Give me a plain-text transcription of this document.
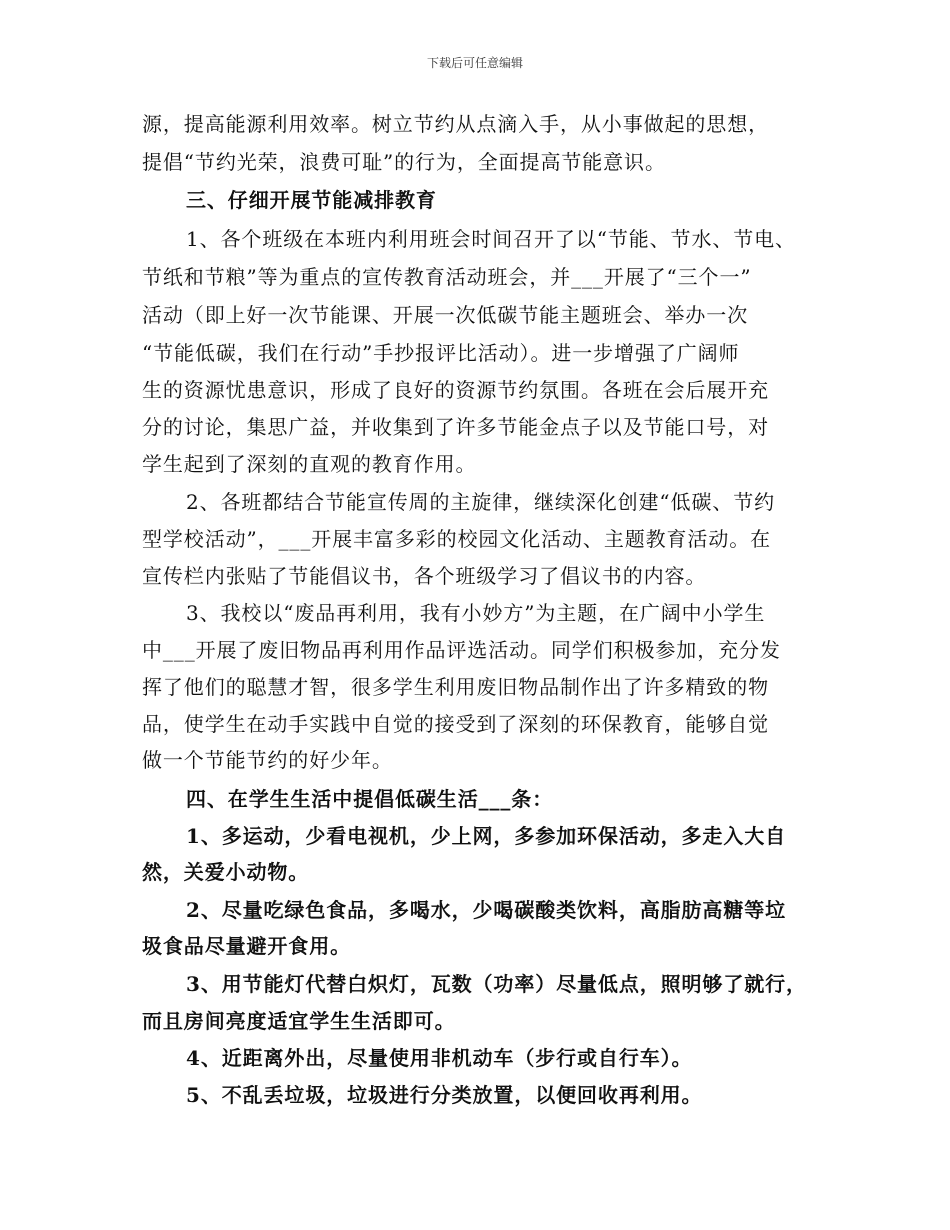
下载后可任意编辑

源，提高能源利用效率。树立节约从点滴入手，从小事做起的思想，

提倡“节约光荣，浪费可耻”的行为，全面提高节能意识。

三、仔细开展节能减排教育

1、各个班级在本班内利用班会时间召开了以“节能、节水、节电、

节纸和节粮”等为重点的宣传教育活动班会，并___开展了“三个一”

活动（即上好一次节能课、开展一次低碳节能主题班会、举办一次

“节能低碳，我们在行动”手抄报评比活动）。进一步增强了广阔师

生的资源忧患意识，形成了良好的资源节约氛围。各班在会后展开充

分的讨论，集思广益，并收集到了许多节能金点子以及节能口号，对

学生起到了深刻的直观的教育作用。

2、各班都结合节能宣传周的主旋律，继续深化创建“低碳、节约

型学校活动”，___开展丰富多彩的校园文化活动、主题教育活动。在

宣传栏内张贴了节能倡议书，各个班级学习了倡议书的内容。

3、我校以“废品再利用，我有小妙方”为主题，在广阔中小学生

中___开展了废旧物品再利用作品评选活动。同学们积极参加，充分发

挥了他们的聪慧才智，很多学生利用废旧物品制作出了许多精致的物

品，使学生在动手实践中自觉的接受到了深刻的环保教育，能够自觉

做一个节能节约的好少年。

四、在学生生活中提倡低碳生活___条：

1、多运动，少看电视机，少上网，多参加环保活动，多走入大自

然，关爱小动物。

2、尽量吃绿色食品，多喝水，少喝碳酸类饮料，高脂肪高糖等垃

圾食品尽量避开食用。

3、用节能灯代替白炽灯，瓦数（功率）尽量低点，照明够了就行，

而且房间亮度适宜学生生活即可。

4、近距离外出，尽量使用非机动车（步行或自行车）。

5、不乱丢垃圾，垃圾进行分类放置，以便回收再利用。
